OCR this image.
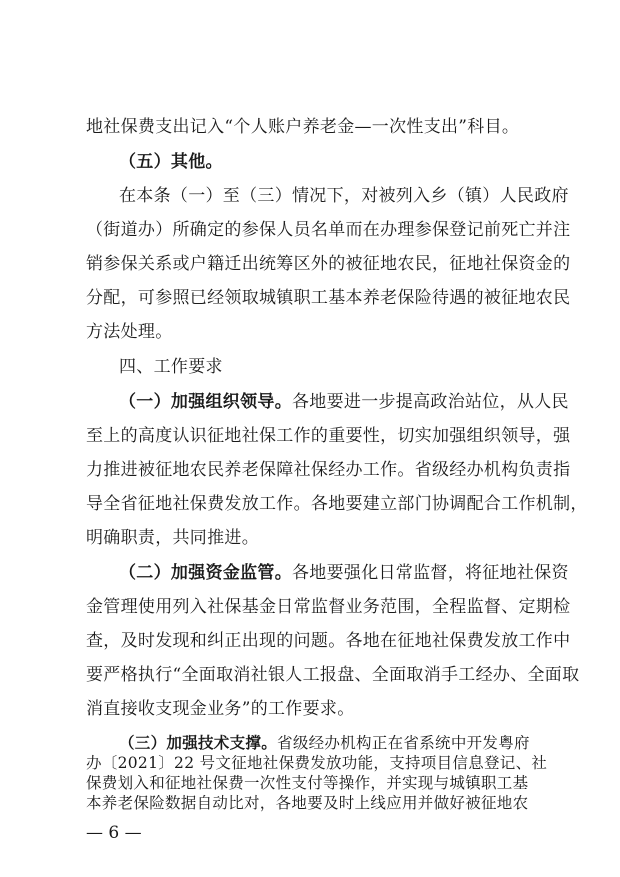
地社保费支出记入“个人账户养老金—一次性支出”科目。
（五）其他。
在本条（一）至（三）情况下，对被列入乡（镇）人民政府
（街道办）所确定的参保人员名单而在办理参保登记前死亡并注
销参保关系或户籍迁出统筹区外的被征地农民，征地社保资金的
分配，可参照已经领取城镇职工基本养老保险待遇的被征地农民
方法处理。
四、工作要求
（一）加强组织领导。各地要进一步提高政治站位，从人民
至上的高度认识征地社保工作的重要性，切实加强组织领导，强
力推进被征地农民养老保障社保经办工作。省级经办机构负责指
导全省征地社保费发放工作。各地要建立部门协调配合工作机制，
明确职责，共同推进。
（二）加强资金监管。各地要强化日常监督，将征地社保资
金管理使用列入社保基金日常监督业务范围，全程监督、定期检
查，及时发现和纠正出现的问题。各地在征地社保费发放工作中
要严格执行“全面取消社银人工报盘、全面取消手工经办、全面取
消直接收支现金业务”的工作要求。
（三）加强技术支撑。省级经办机构正在省系统中开发粤府
办〔2021〕22 号文征地社保费发放功能，支持项目信息登记、社
保费划入和征地社保费一次性支付等操作，并实现与城镇职工基
本养老保险数据自动比对，各地要及时上线应用并做好被征地农
— 6 —
